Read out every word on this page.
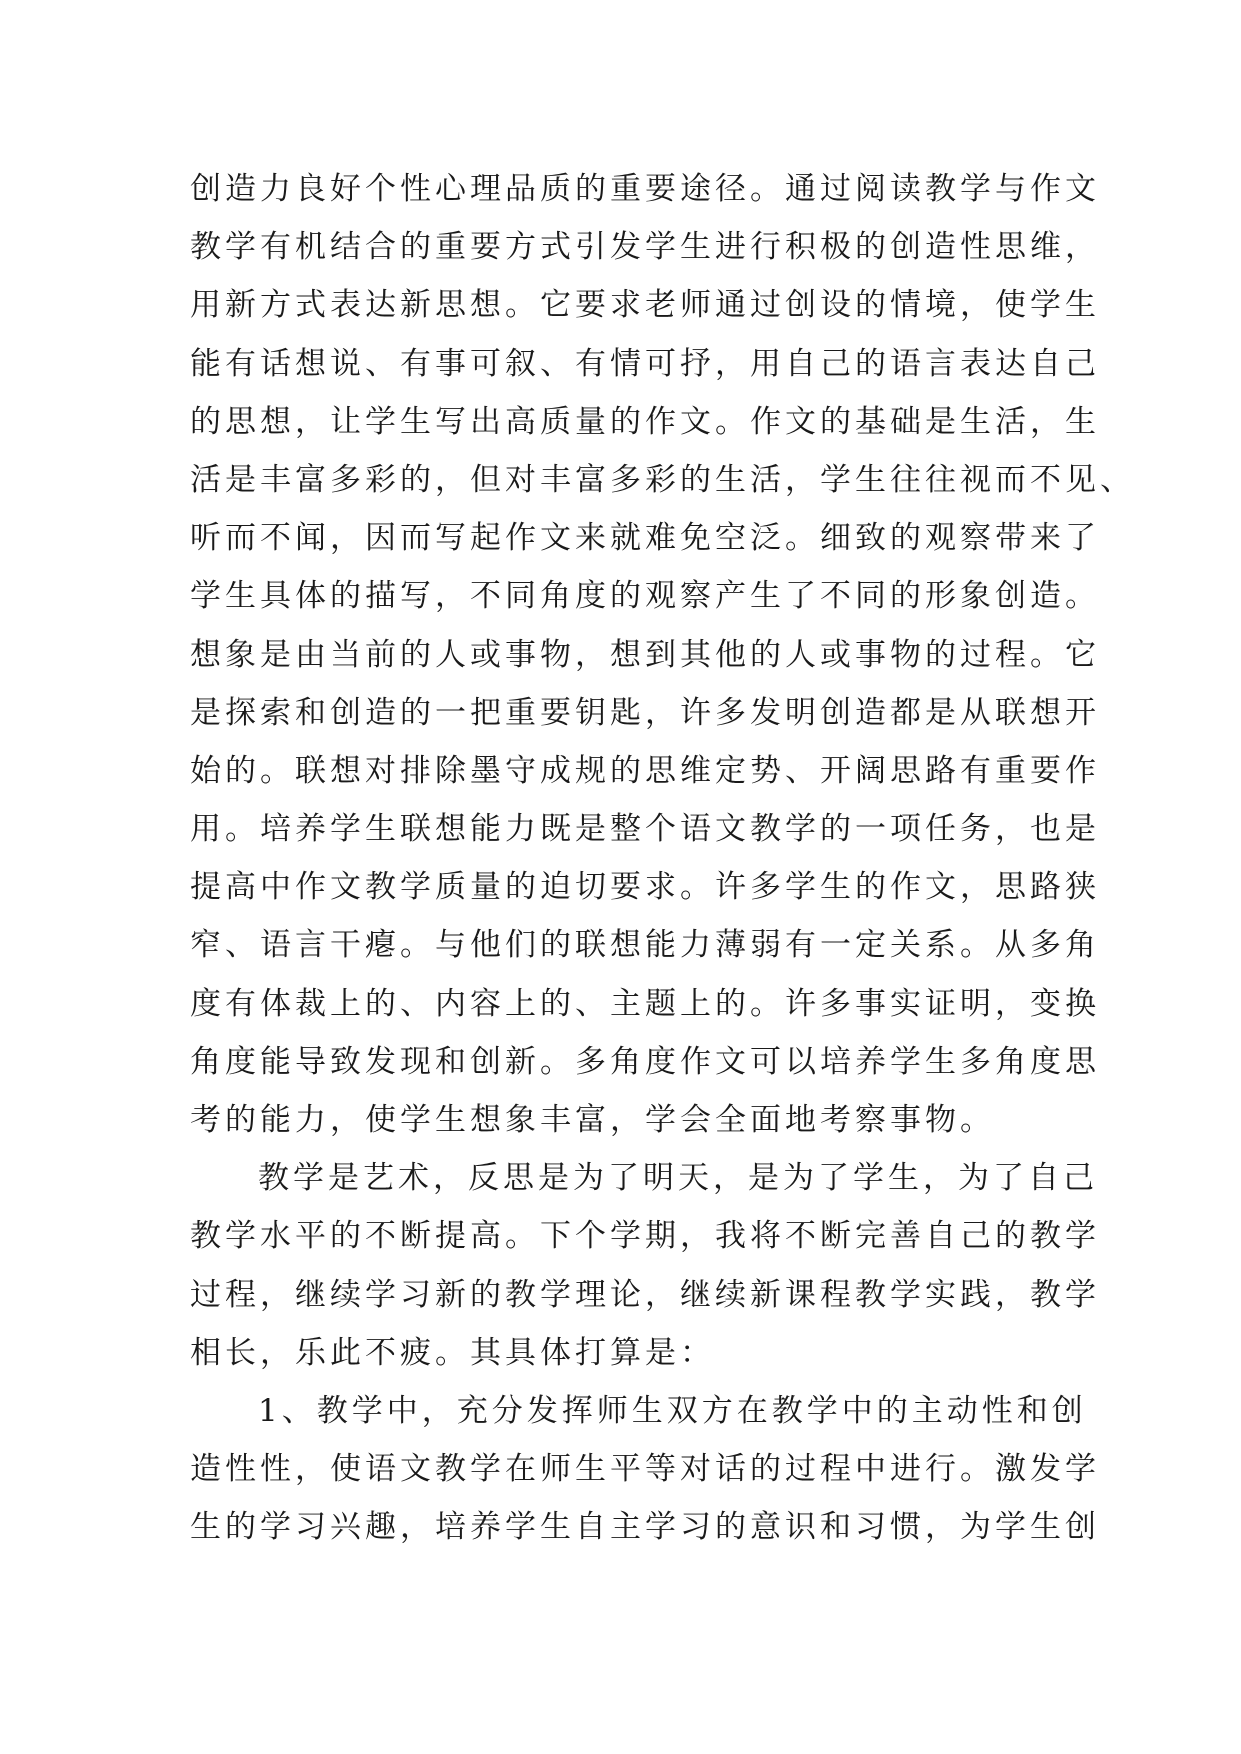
创造力良好个性心理品质的重要途径。通过阅读教学与作文
教学有机结合的重要方式引发学生进行积极的创造性思维，
用新方式表达新思想。它要求老师通过创设的情境，使学生
能有话想说、有事可叙、有情可抒，用自己的语言表达自己
的思想，让学生写出高质量的作文。作文的基础是生活，生
活是丰富多彩的，但对丰富多彩的生活，学生往往视而不见、
听而不闻，因而写起作文来就难免空泛。细致的观察带来了
学生具体的描写，不同角度的观察产生了不同的形象创造。
想象是由当前的人或事物，想到其他的人或事物的过程。它
是探索和创造的一把重要钥匙，许多发明创造都是从联想开
始的。联想对排除墨守成规的思维定势、开阔思路有重要作
用。培养学生联想能力既是整个语文教学的一项任务，也是
提高中作文教学质量的迫切要求。许多学生的作文，思路狭
窄、语言干瘪。与他们的联想能力薄弱有一定关系。从多角
度有体裁上的、内容上的、主题上的。许多事实证明，变换
角度能导致发现和创新。多角度作文可以培养学生多角度思
考的能力，使学生想象丰富，学会全面地考察事物。
教学是艺术，反思是为了明天，是为了学生，为了自己
教学水平的不断提高。下个学期，我将不断完善自己的教学
过程，继续学习新的教学理论，继续新课程教学实践，教学
相长，乐此不疲。其具体打算是：
1、教学中，充分发挥师生双方在教学中的主动性和创
造性性，使语文教学在师生平等对话的过程中进行。激发学
生的学习兴趣，培养学生自主学习的意识和习惯，为学生创
